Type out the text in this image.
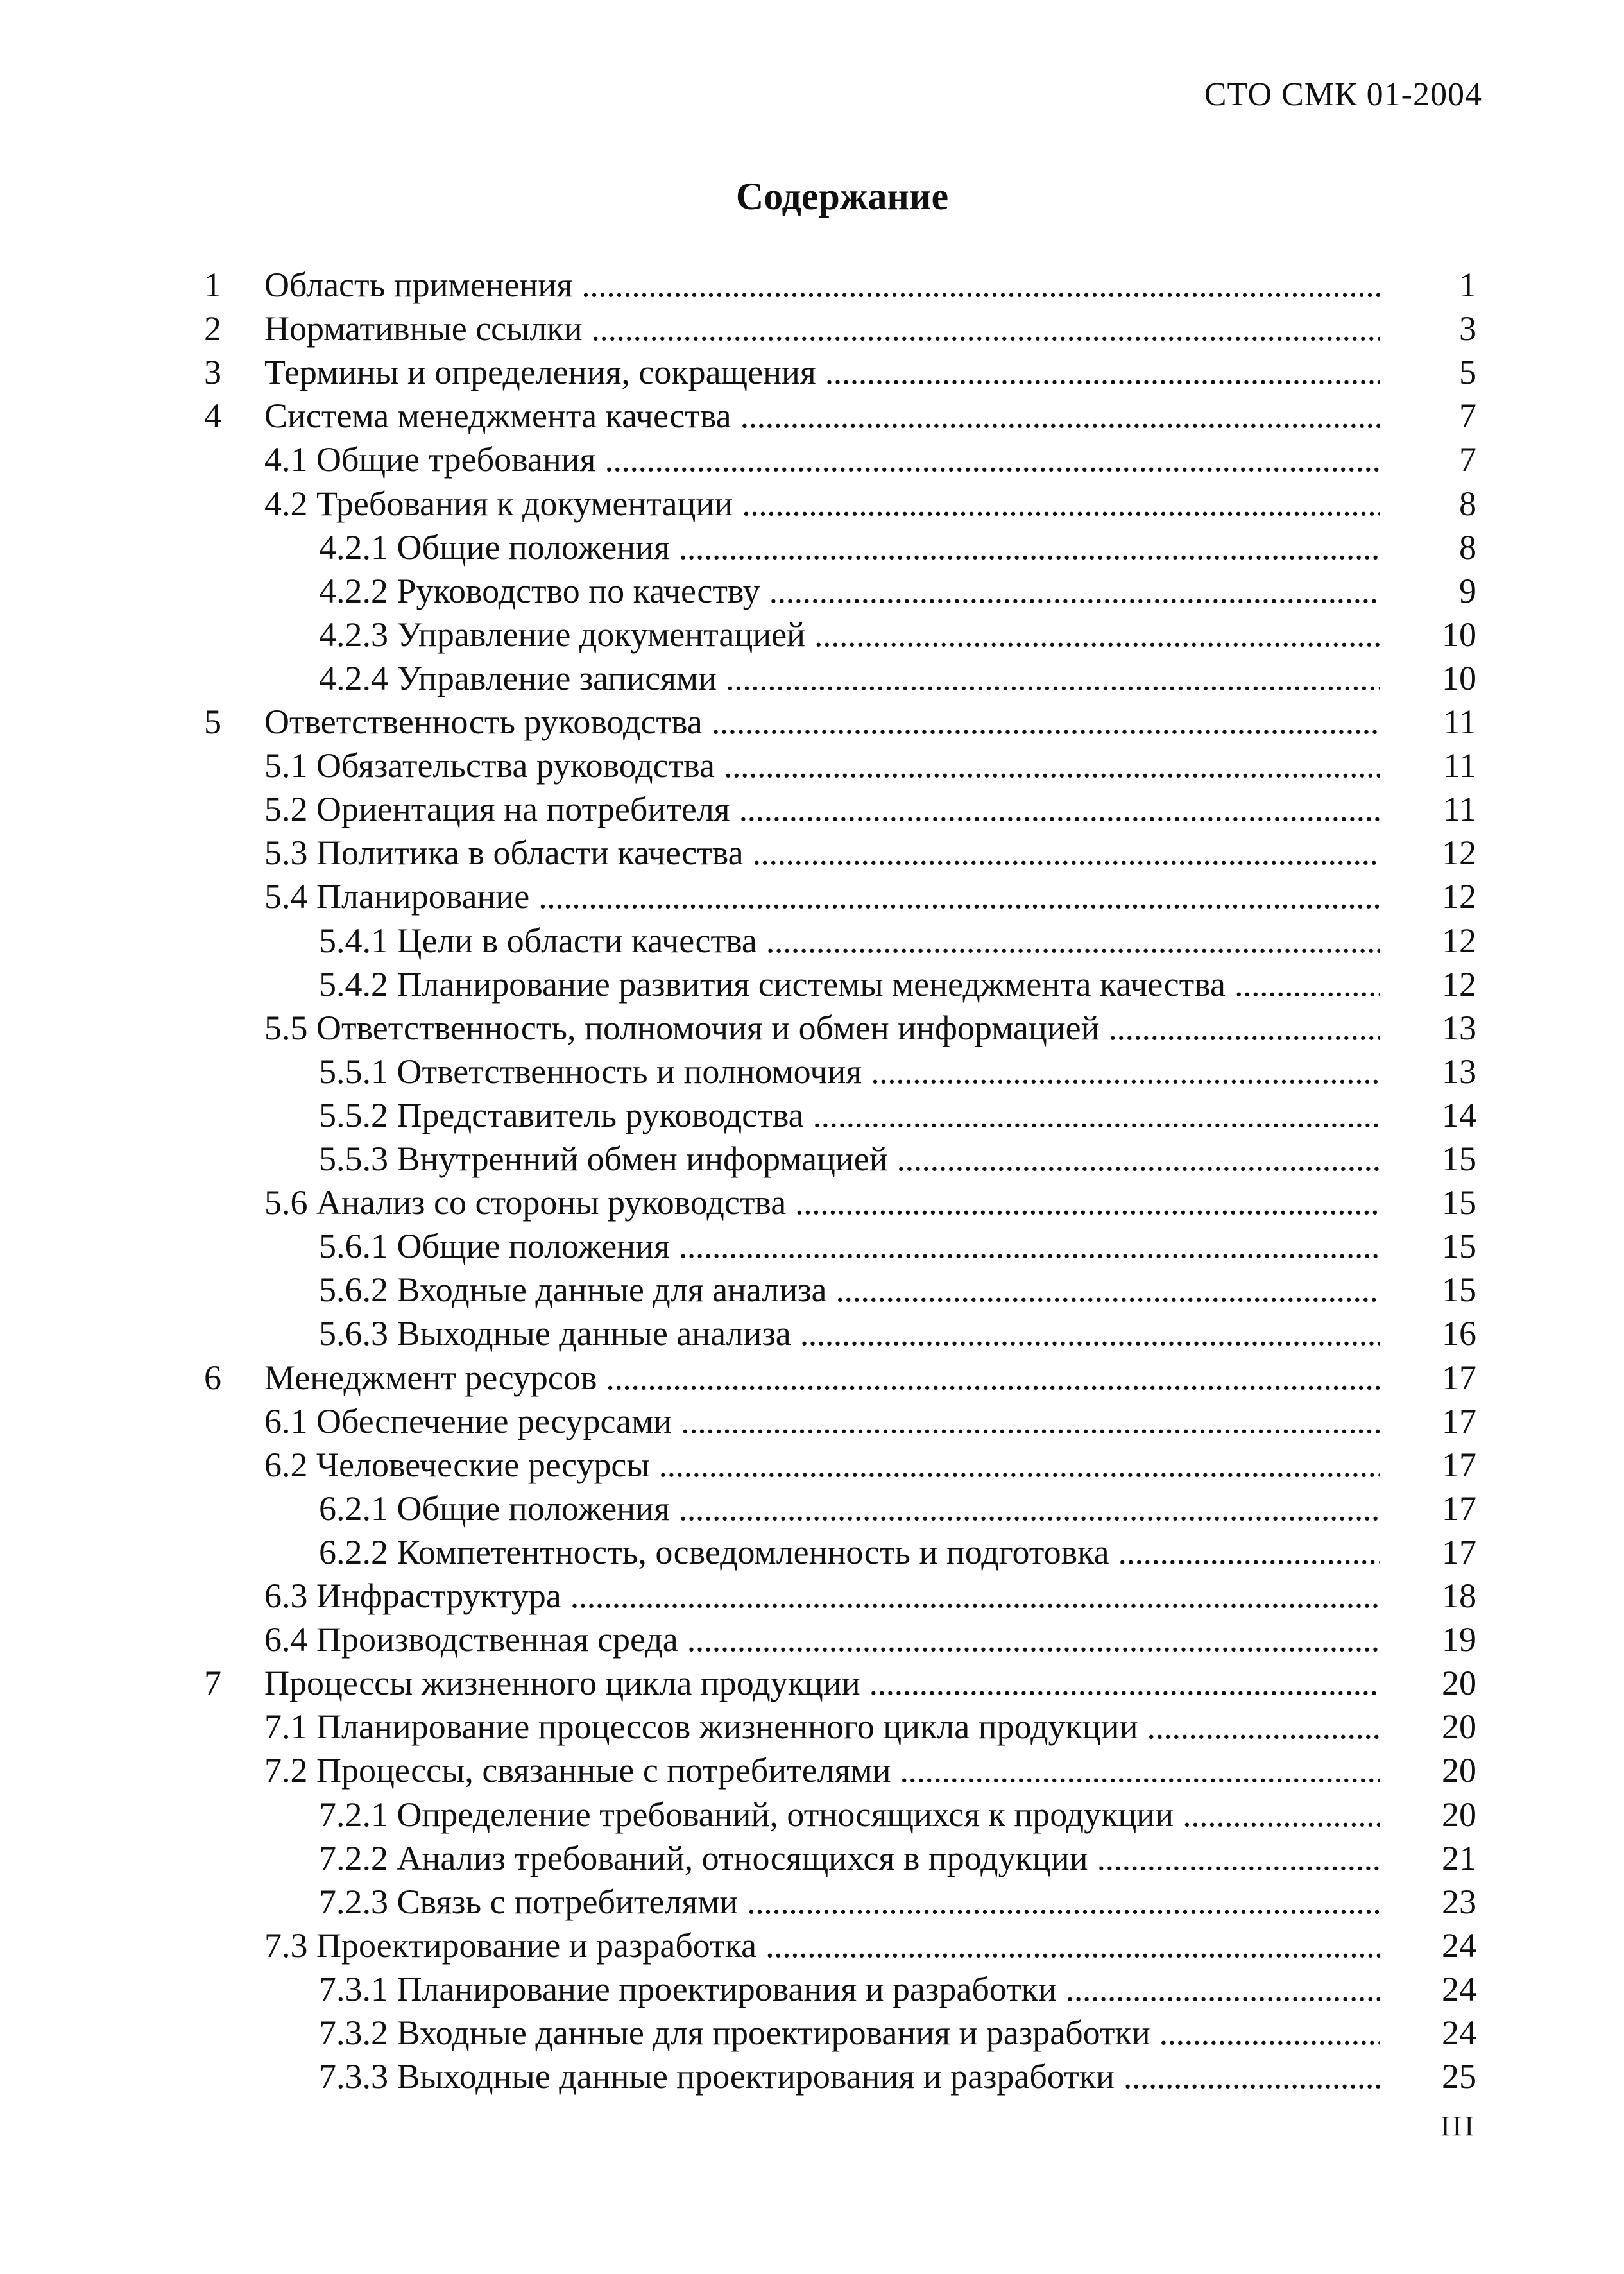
СТО СМК 01-2004
Содержание
1 Область применения . . .	1
2 Нормативные ссылки . . .	3
3 Термины и определения, сокращения . . .	5
4 Система менеджмента качества . . .	7
4.1 Общие требования . . .	7
4.2 Требования к документации . . .	8
4.2.1 Общие положения . . .	8
4.2.2 Руководство по качеству . . .	9
4.2.3 Управление документацией . . .	10
4.2.4 Управление записями . . .	10
5 Ответственность руководства . . .	11
5.1 Обязательства руководства . . .	11
5.2 Ориентация на потребителя . . .	11
5.3 Политика в области качества . . .	12
5.4 Планирование . . .	12
5.4.1 Цели в области качества . . .	12
5.4.2 Планирование развития системы менеджмента качества . . .	12
5.5 Ответственность, полномочия и обмен информацией . . .	13
5.5.1 Ответственность и полномочия . . .	13
5.5.2 Представитель руководства . . .	14
5.5.3 Внутренний обмен информацией . . .	15
5.6 Анализ со стороны руководства . . .	15
5.6.1 Общие положения . . .	15
5.6.2 Входные данные для анализа . . .	15
5.6.3 Выходные данные анализа . . .	16
6 Менеджмент ресурсов . . .	17
6.1 Обеспечение ресурсами . . .	17
6.2 Человеческие ресурсы . . .	17
6.2.1 Общие положения . . .	17
6.2.2 Компетентность, осведомленность и подготовка . . .	17
6.3 Инфраструктура . . .	18
6.4 Производственная среда . . .	19
7 Процессы жизненного цикла продукции . . .	20
7.1 Планирование процессов жизненного цикла продукции . . .	20
7.2 Процессы, связанные с потребителями . . .	20
7.2.1 Определение требований, относящихся к продукции . . .	20
7.2.2 Анализ требований, относящихся в продукции . . .	21
7.2.3 Связь с потребителями . . .	23
7.3 Проектирование и разработка . . .	24
7.3.1 Планирование проектирования и разработки . . .	24
7.3.2 Входные данные для проектирования и разработки . . .	24
7.3.3 Выходные данные проектирования и разработки . . .	25
III
